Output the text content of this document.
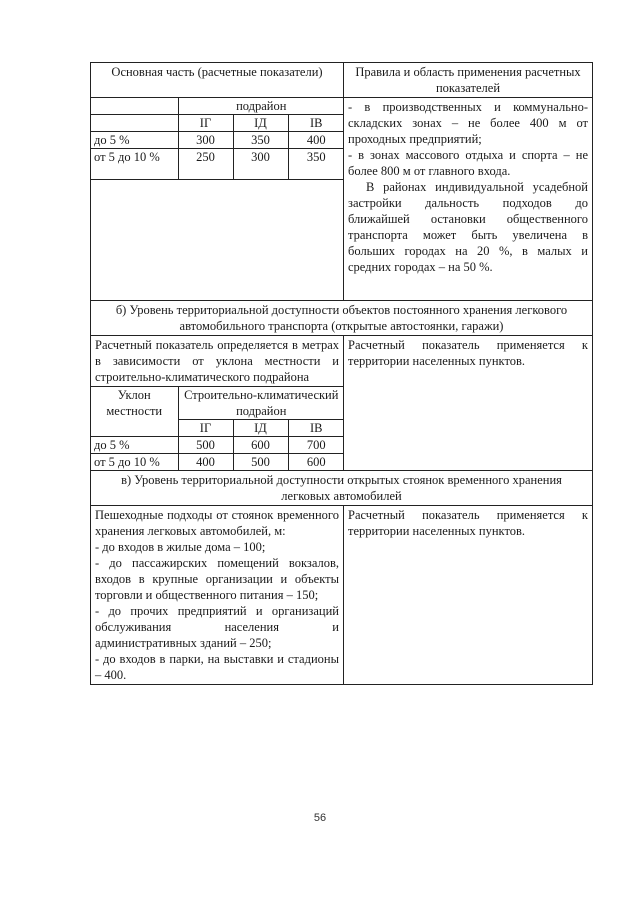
Основная часть (расчетные показатели)	Правила и область применения расчетных показателей

	подрайон
	IГ	IД	IВ
до 5 %	300	350	400
от 5 до 10 %	250	300	350

- в производственных и коммунально-складских зонах – не более 400 м от проходных предприятий;
- в зонах массового отдыха и спорта – не более 800 м от главного входа.
В районах индивидуальной усадебной застройки дальность подходов до ближайшей остановки общественного транспорта может быть увеличена в больших городах на 20 %, в малых и средних городах – на 50 %.

б) Уровень территориальной доступности объектов постоянного хранения легкового автомобильного транспорта (открытые автостоянки, гаражи)

Расчетный показатель определяется в метрах в зависимости от уклона местности и строительно-климатического подрайона
Уклон местности	Строительно-климатический подрайон
IГ	IД	IВ
до 5 %	500	600	700
от 5 до 10 %	400	500	600
	Расчетный показатель применяется к территории населенных пунктов.
в) Уровень территориальной доступности открытых стоянок временного хранения легковых автомобилей

Пешеходные подходы от стоянок временного хранения легковых автомобилей, м:
- до входов в жилые дома – 100;
- до пассажирских помещений вокзалов, входов в крупные организации и объекты торговли и общественного питания – 150;
- до прочих предприятий и организаций обслуживания населения и административных зданий – 250;
- до входов в парки, на выставки и стадионы – 400.
	Расчетный показатель применяется к территории населенных пунктов.
56
